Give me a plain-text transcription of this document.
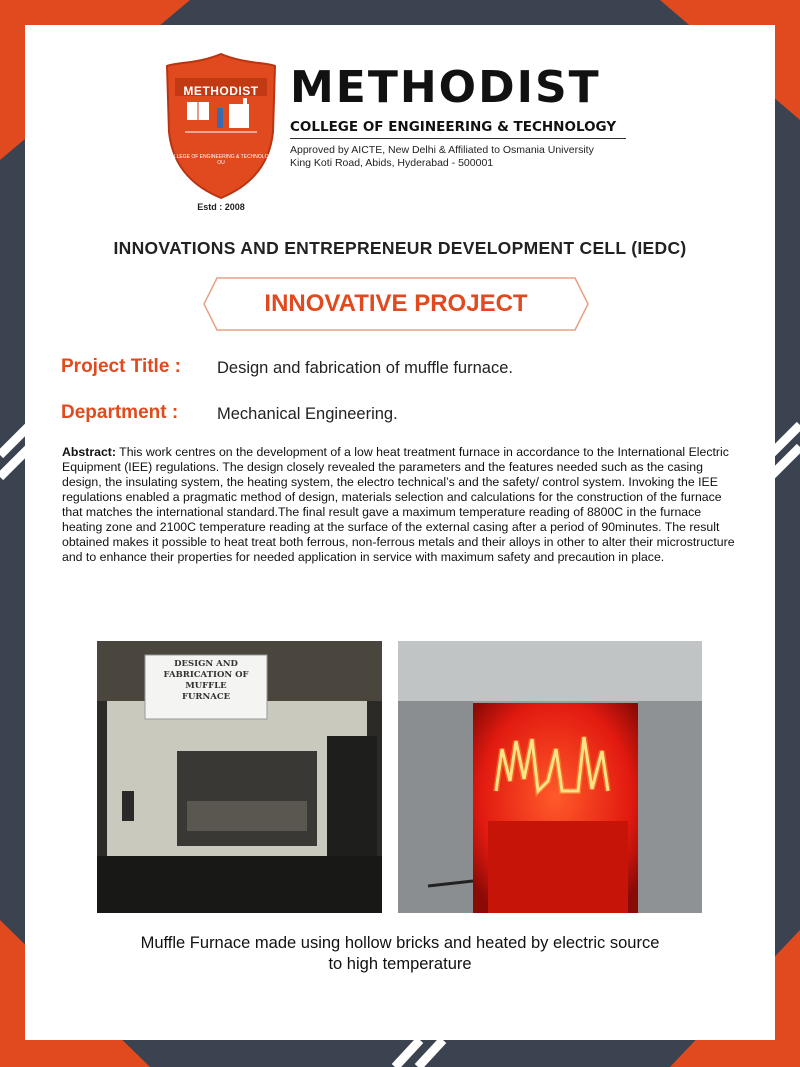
METHODIST
COLLEGE OF ENGINEERING & TECHNOLOGY OU
Estd : 2008
METHODIST
COLLEGE OF ENGINEERING & TECHNOLOGY
Approved by AICTE, New Delhi & Affiliated to Osmania University
King Koti Road, Abids, Hyderabad - 500001
INNOVATIONS AND ENTREPRENEUR DEVELOPMENT CELL (IEDC)
INNOVATIVE PROJECT
Project Title : Design and fabrication of muffle furnace.
Department : Mechanical Engineering.
Abstract: This work centres on the development of a low heat treatment furnace in accordance to the International Electric Equipment (IEE) regulations. The design closely revealed the parameters and the features needed such as the casing design, the insulating system, the heating system, the electro technical’s and the safety/ control system. Invoking the IEE regulations enabled a pragmatic method of design, materials selection and calculations for the construction of the furnace that matches the international standard.The final result gave a maximum temperature reading of 8800C in the furnace heating zone and 2100C temperature reading at the surface of the external casing after a period of 90minutes. The result obtained makes it possible to heat treat both ferrous, non-ferrous metals and their alloys in other to alter their microstructure and to enhance their properties for needed application in service with maximum safety and precaution in place.
DESIGN AND
FABRICATION OF
MUFFLE
FURNACE
Muffle Furnace made using hollow bricks and heated by electric source
to high temperature
